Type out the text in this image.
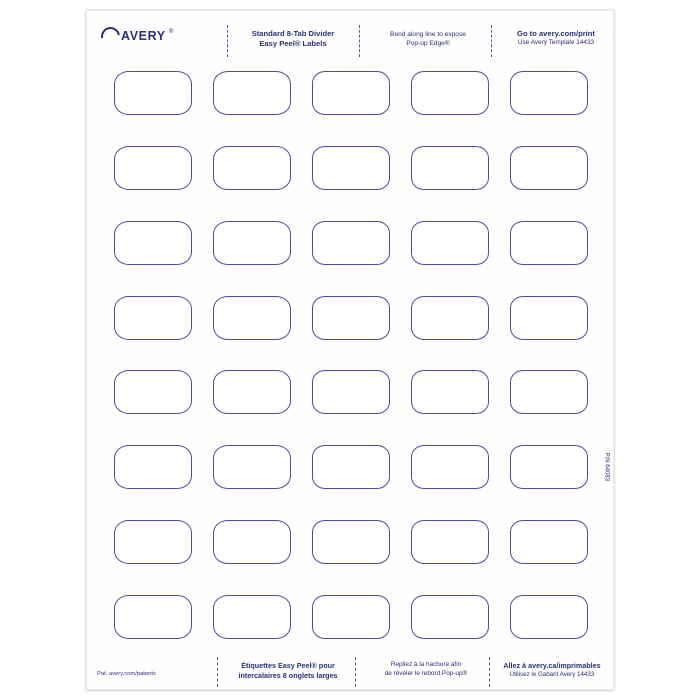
AVERY ®	Standard 8-Tab Divider
Easy Peel® Labels
Bend along line to expose
Pop-up Edge®
Go to avery.com/print
Use Avery Template 14433
P/N 64083
Pat. avery.com/patents
Étiquettes Easy Peel® pour
intercalaires 8 onglets larges
Repliez à la hachure afin
de révéler le rebord Pop-up®
Allez à avery.ca/imprimables
Utilisez le Gabarit Avery 14433
